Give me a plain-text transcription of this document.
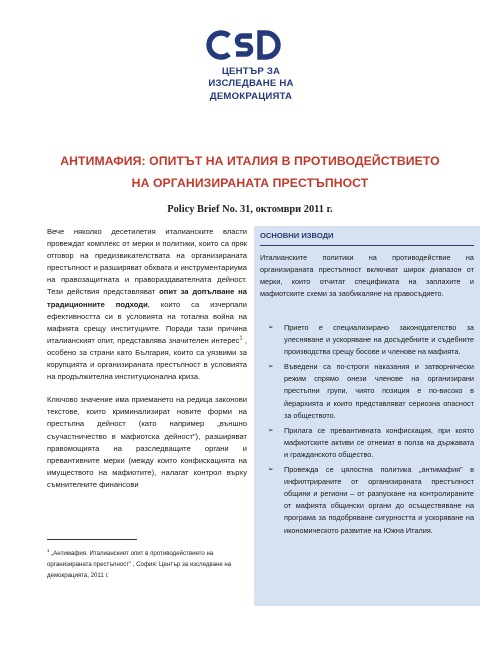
ЦЕНТЪР ЗА
ИЗСЛЕДВАНЕ НА
ДЕМОКРАЦИЯТА
АНТИМАФИЯ: ОПИТЪТ НА ИТАЛИЯ В ПРОТИВОДЕЙСТВИЕТО
НА ОРГАНИЗИРАНАТА ПРЕСТЪПНОСТ
Policy Brief No. 31, октомври 2011 г.

Вече няколко десетилетия италианските власти провеждат комплекс от мерки и политики, които са пряк отговор на предизвикателствата на организираната престъпност и разширяват обхвата и инструментариума на правозащитната и правораздавателната дейност. Тези действия представляват опит за допълване на традиционните подходи, които са изчерпали ефективността си в условията на тотална война на мафията срещу институциите. Поради тази причина италианският опит, представлява значителен интерес$^1$ , особено за страни като България, които са уязвими за корупцията и организираната престъпност в условията на продължителна институционална криза.

Ключово значение има приемането на редица законови текстове, които криминализират новите форми на престъпна дейност (като например „външно съучастничество в мафиотска дейност”), разширяват правомощията на разследващите органи и превантивните мерки (между които конфискацията на имуществото на мафиотите), налагат контрол върху съмнителните финансови

$^1$ „Антимафия. Италианският опит в противодействието на организираната престъпност” , София: Център за изследване на демокрацията, 2011 г.
ОСНОВНИ ИЗВОДИ

Италианските политики на противодействие на организираната престъпност включват широк диапазон от мерки, които отчитат спецификата на заплахите и мафиотските схеми за заобикаляне на правосъдието.

➢ Прието е специализирано законодателство за улесняване и ускоряване на досъдебните и съдебните производства срещу босове и членове на мафията.
➢ Въведени са по-строги наказания и затворнически режим спрямо онези членове на организирани престъпни групи, чиято позиция е по-високо в йерархията и които представляват сериозна опасност за обществото.
➢ Прилага се превантивната конфискация, при която мафиотските активи се отнемат в полза на държавата и гражданското общество.
➢ Провежда се цялостна политика „антимафия” в инфилтрираните от организираната престъпност общини и региони – от разпускане на контролираните от мафията общински органи до осъществяване на програма за подобряване сигурността и ускоряване на икономическото развитие на Южна Италия.
